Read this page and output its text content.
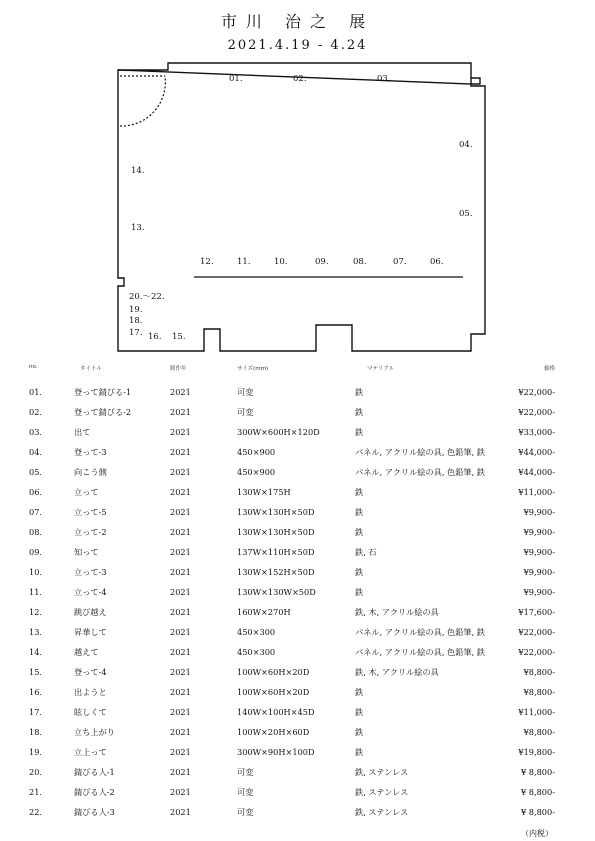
市川 治之 展
2021.4.19 - 4.24
01.	02.	03.
04.
05.
06.
07.
08.
09.
10.
11.
12.
13.
14.
15.
16.
17.
18.
19.
20.～22.
no.	タイトル	制作年	サイズ(mm)	マテリアル	価格
01.	登って錆びる-1	2021	可変	鉄	¥22,000-
02.	登って錆びる-2	2021	可変	鉄	¥22,000-
03.	出て	2021	300W×600H×120D	鉄	¥33,000-
04.	登って-3	2021	450×900	パネル, アクリル絵の具, 色鉛筆, 鉄	¥44,000-
05.	向こう側	2021	450×900	パネル, アクリル絵の具, 色鉛筆, 鉄	¥44,000-
06.	立って	2021	130W×175H	鉄	¥11,000-
07.	立って-5	2021	130W×130H×50D	鉄	¥9,900-
08.	立って-2	2021	130W×130H×50D	鉄	¥9,900-
09.	知って	2021	137W×110H×50D	鉄, 石	¥9,900-
10.	立って-3	2021	130W×152H×50D	鉄	¥9,900-
11.	立って-4	2021	130W×130W×50D	鉄	¥9,900-
12.	跳び越え	2021	160W×270H	鉄, 木, アクリル絵の具	¥17,600-
13.	昇華して	2021	450×300	パネル, アクリル絵の具, 色鉛筆, 鉄	¥22,000-
14.	越えて	2021	450×300	パネル, アクリル絵の具, 色鉛筆, 鉄	¥22,000-
15.	登って-4	2021	100W×60H×20D	鉄, 木, アクリル絵の具	¥8,800-
16.	出ようと	2021	100W×60H×20D	鉄	¥8,800-
17.	眩しくて	2021	140W×100H×45D	鉄	¥11,000-
18.	立ち上がり	2021	100W×20H×60D	鉄	¥8,800-
19.	立上って	2021	300W×90H×100D	鉄	¥19,800-
20.	錆びる人-1	2021	可変	鉄, ステンレス	¥ 8,800-
21.	錆びる人-2	2021	可変	鉄, ステンレス	¥ 8,800-
22.	錆びる人-3	2021	可変	鉄, ステンレス	¥ 8,800-
（内税）
